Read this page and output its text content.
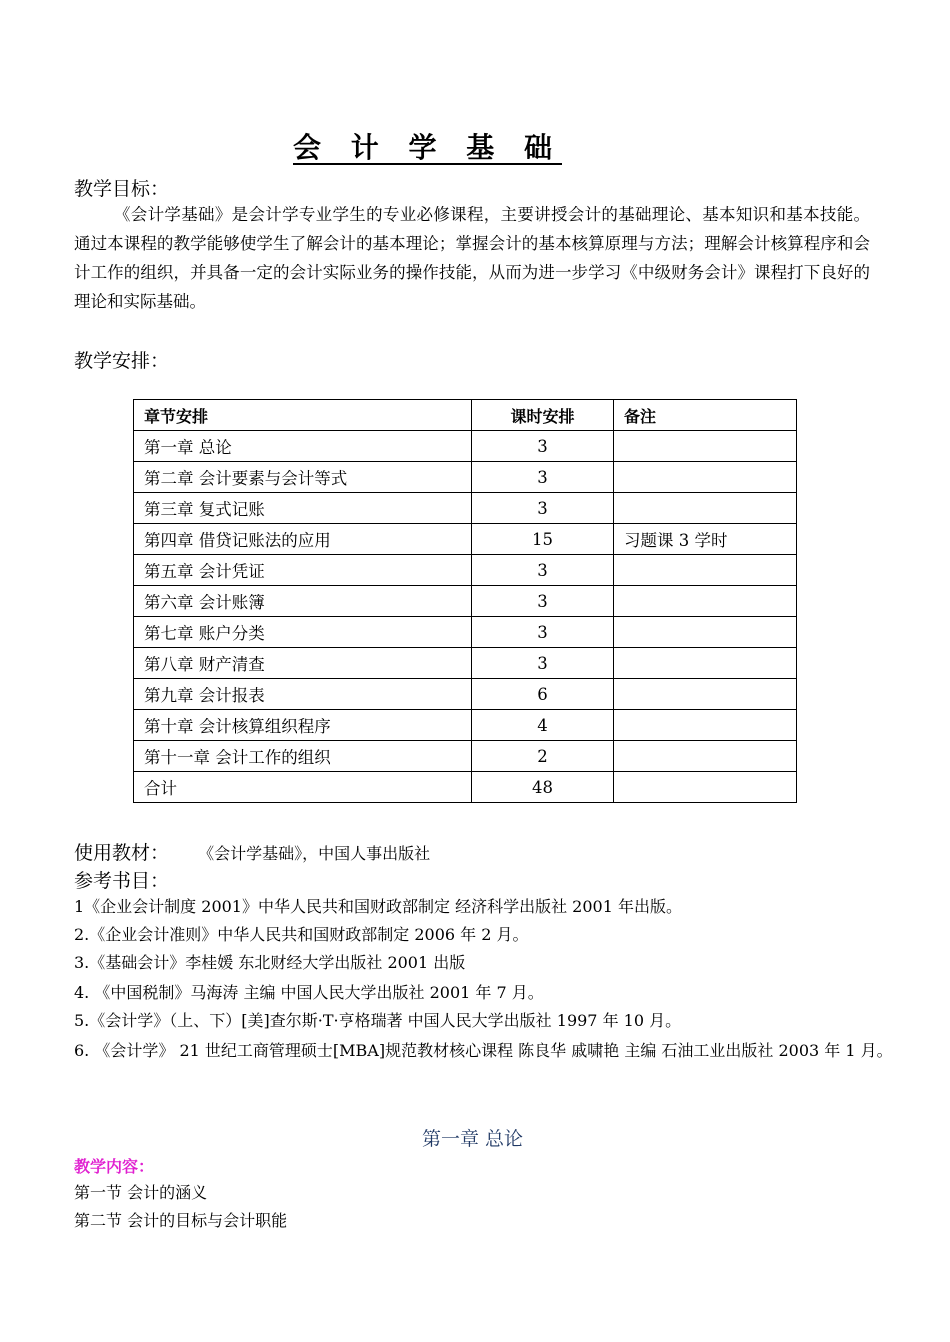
会 计 学 基 础
教学目标：
《会计学基础》是会计学专业学生的专业必修课程，主要讲授会计的基础理论、基本知识和基本技能。通过本课程的教学能够使学生了解会计的基本理论；掌握会计的基本核算原理与方法；理解会计核算程序和会计工作的组织，并具备一定的会计实际业务的操作技能，从而为进一步学习《中级财务会计》课程打下良好的理论和实际基础。
教学安排：
章节安排	课时安排	备注
第一章 总论	3	
第二章 会计要素与会计等式	3	
第三章 复式记账	3	
第四章 借贷记账法的应用	15	习题课 3 学时
第五章 会计凭证	3	
第六章 会计账簿	3	
第七章 账户分类	3	
第八章 财产清查	3	
第九章 会计报表	6	
第十章 会计核算组织程序	4	
第十一章 会计工作的组织	2	
合计	48	
使用教材： 《会计学基础》，中国人事出版社
参考书目：
1《企业会计制度 2001》中华人民共和国财政部制定 经济科学出版社 2001 年出版。
2.《企业会计准则》中华人民共和国财政部制定 2006 年 2 月。
3.《基础会计》李桂媛 东北财经大学出版社 2001 出版
4. 《中国税制》马海涛 主编 中国人民大学出版社 2001 年 7 月。
5.《会计学》（上、下）[美]查尔斯·T·亨格瑞著 中国人民大学出版社 1997 年 10 月。
6. 《会计学》 21 世纪工商管理硕士[MBA]规范教材核心课程 陈良华 戚啸艳 主编 石油工业出版社 2003 年 1 月。
第一章 总论
教学内容：
第一节 会计的涵义
第二节 会计的目标与会计职能
